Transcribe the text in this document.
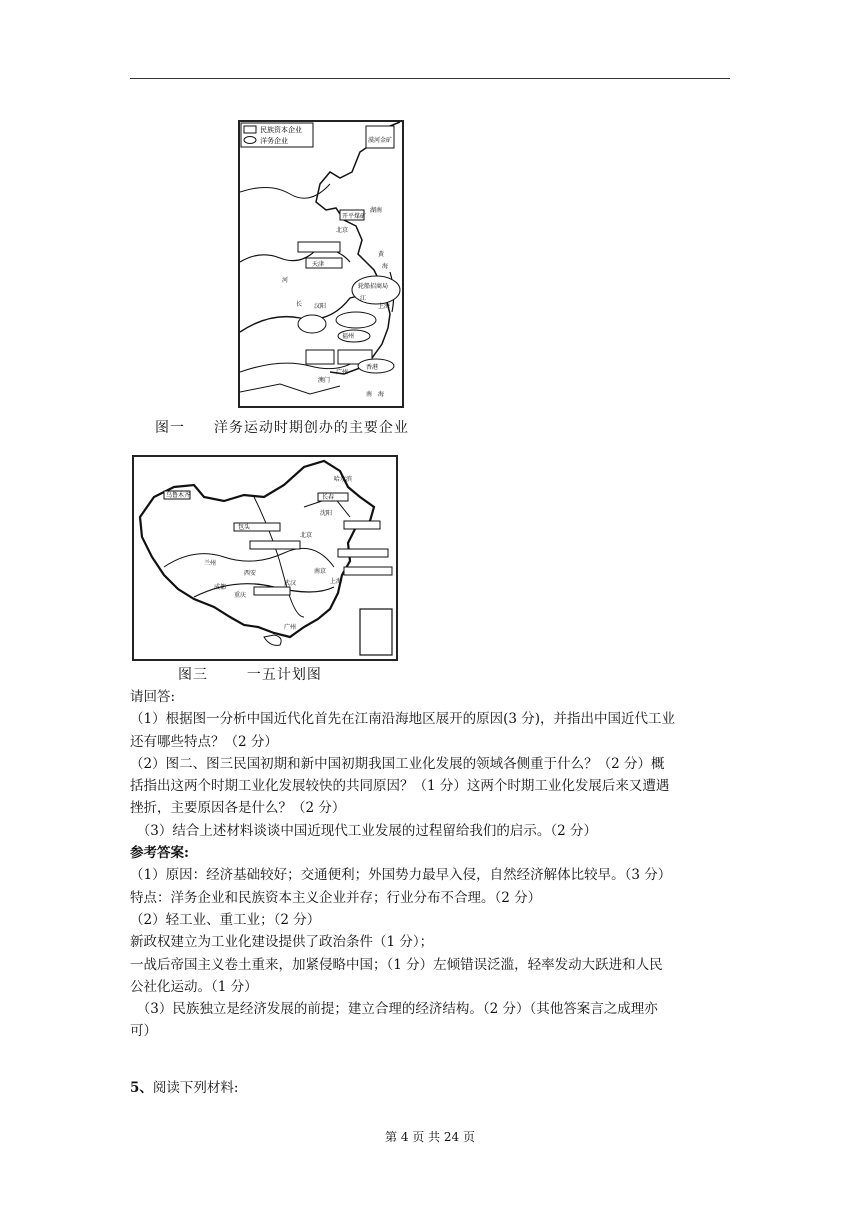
民族资本企业
洋务企业	漠河金矿
开平煤矿
北京
天津
黄
海
轮船招商局
河
长 汉阳
江
上海
福州
广州
澳门
香港
南 海
湖南
图一 洋务运动时期创办的主要企业
哈尔滨
长春
沈阳
北京
包头
兰州
西安
武汉
重庆
成都
南京
上海
广州
乌鲁木齐
图三	一五计划图

请回答:

（1）根据图一分析中国近代化首先在江南沿海地区展开的原因(3 分)，并指出中国近代工业

还有哪些特点？（2 分）

（2）图二、图三民国初期和新中国初期我国工业化发展的领域各侧重于什么？（2 分）概

括指出这两个时期工业化发展较快的共同原因？（1 分）这两个时期工业化发展后来又遭遇

挫折，主要原因各是什么？（2 分）

　（3）结合上述材料谈谈中国近现代工业发展的过程留给我们的启示。（2 分）

参考答案:

（1）原因：经济基础较好；交通便利；外国势力最早入侵，自然经济解体比较早。（3 分）

特点：洋务企业和民族资本主义企业并存；行业分布不合理。（2 分）

（2）轻工业、重工业；（2 分）

新政权建立为工业化建设提供了政治条件（1 分）；

一战后帝国主义卷土重来，加紧侵略中国；（1 分）左倾错误泛滥，轻率发动大跃进和人民

公社化运动。（1 分）

　（3）民族独立是经济发展的前提；建立合理的经济结构。（2 分）（其他答案言之成理亦

可）

5、阅读下列材料:

第 4 页 共 24 页
